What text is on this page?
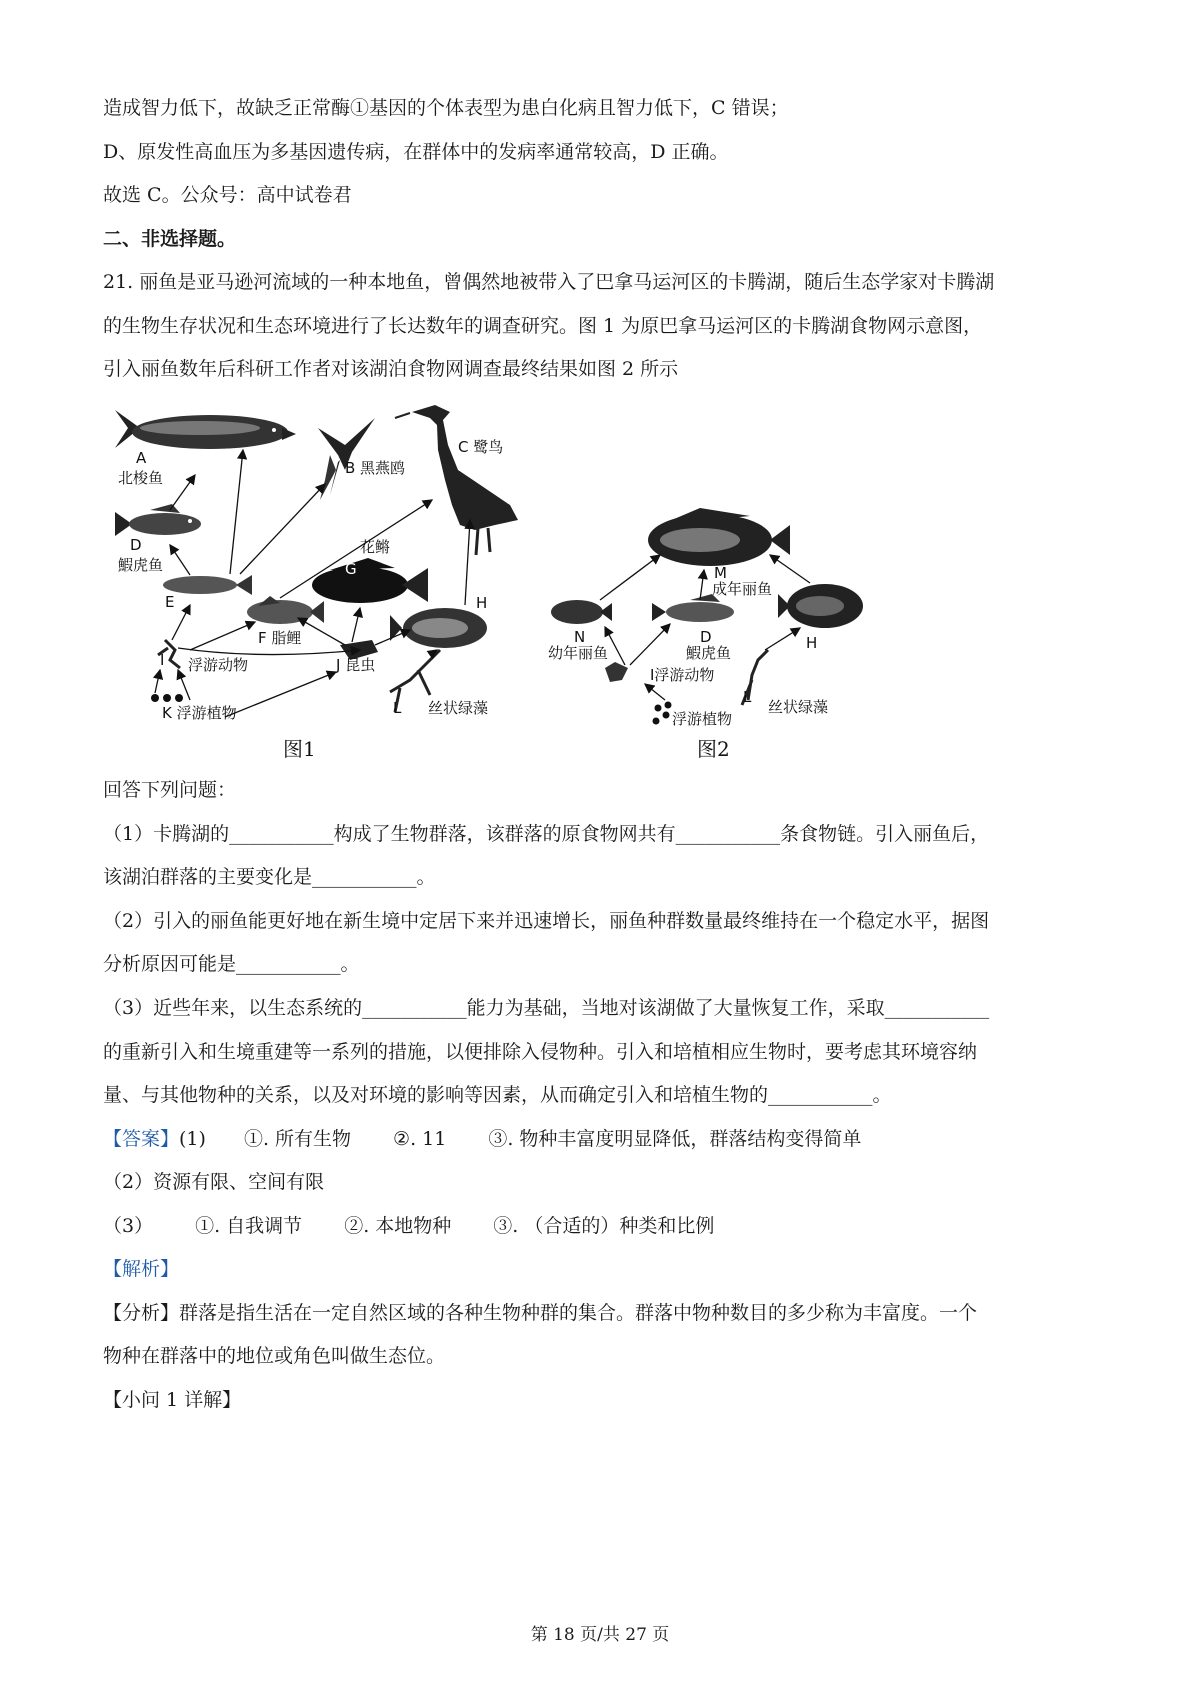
造成智力低下，故缺乏正常酶①基因的个体表型为患白化病且智力低下，C 错误；
D、原发性高血压为多基因遗传病，在群体中的发病率通常较高，D 正确。
故选 C。公众号：高中试卷君
二、非选择题。
21. 丽鱼是亚马逊河流域的一种本地鱼，曾偶然地被带入了巴拿马运河区的卡腾湖，随后生态学家对卡腾湖
的生物生存状况和生态环境进行了长达数年的调查研究。图 1 为原巴拿马运河区的卡腾湖食物网示意图，
引入丽鱼数年后科研工作者对该湖泊食物网调查最终结果如图 2 所示
A
北梭鱼
B 黑燕鸥
C 鹭鸟
D
鰕虎鱼
E
花鳉
G
F 脂鲤
H
I 浮游动物	J 昆虫
K 浮游植物	L 丝状绿藻
图1
M
成年丽鱼
N
幼年丽鱼
D
鰕虎鱼
H
I浮游动物
L
丝状绿藻
浮游植物
图2
回答下列问题：
（1）卡腾湖的___________构成了生物群落，该群落的原食物网共有___________条食物链。引入丽鱼后，
该湖泊群落的主要变化是___________。
（2）引入的丽鱼能更好地在新生境中定居下来并迅速增长，丽鱼种群数量最终维持在一个稳定水平，据图
分析原因可能是___________。
（3）近些年来，以生态系统的___________能力为基础，当地对该湖做了大量恢复工作，采取___________
的重新引入和生境重建等一系列的措施，以便排除入侵物种。引入和培植相应生物时，要考虑其环境容纳
量、与其他物种的关系，以及对环境的影响等因素，从而确定引入和培植生物的___________。
【答案】(1) ①. 所有生物 ②. 11 ③. 物种丰富度明显降低，群落结构变得简单
（2）资源有限、空间有限
（3） ①. 自我调节 ②. 本地物种 ③. （合适的）种类和比例
【解析】
【分析】群落是指生活在一定自然区域的各种生物种群的集合。群落中物种数目的多少称为丰富度。一个
物种在群落中的地位或角色叫做生态位。
【小问 1 详解】
第 18 页/共 27 页
